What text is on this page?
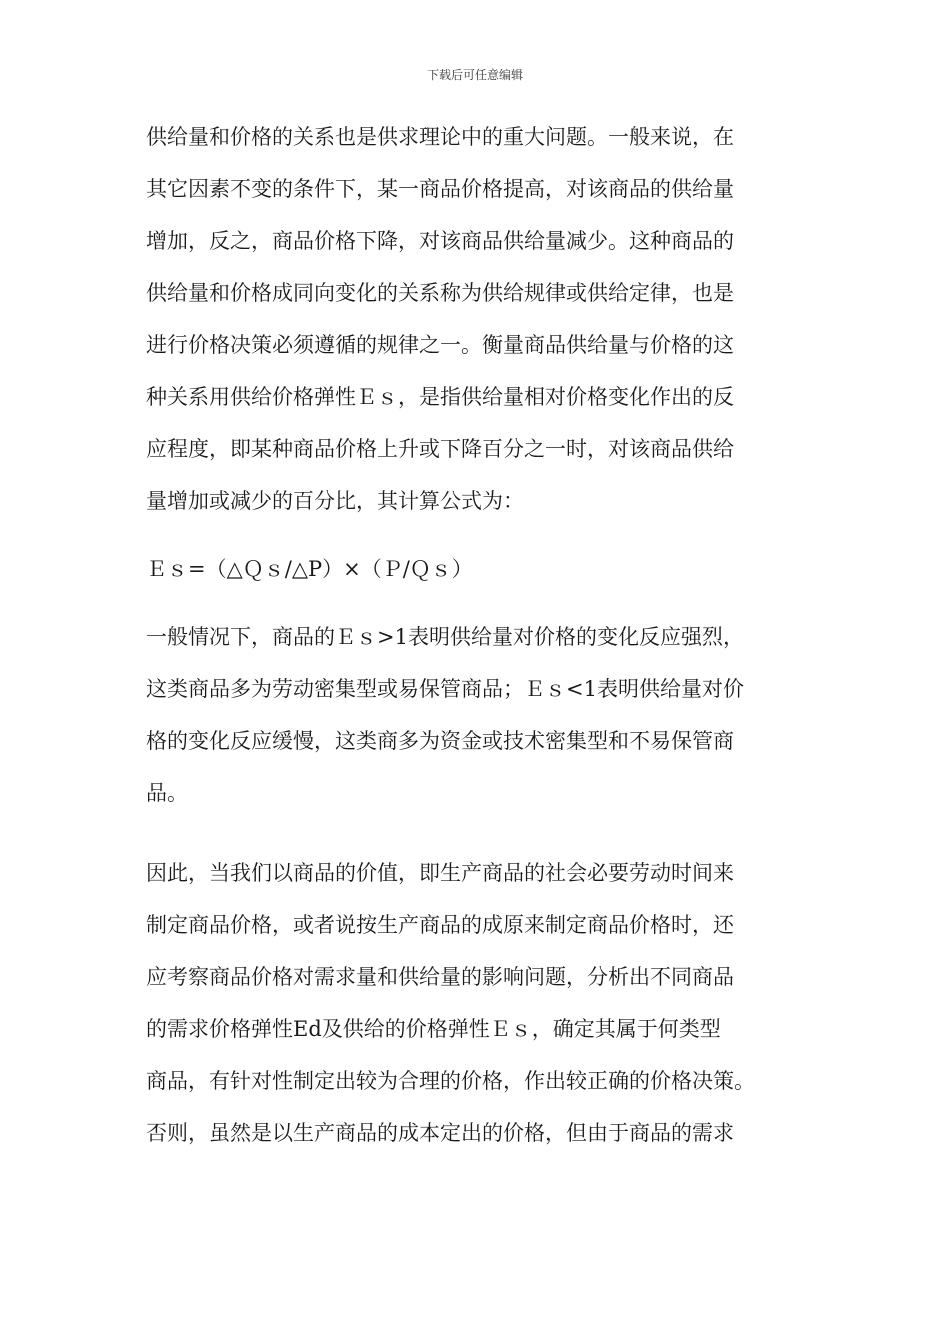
下载后可任意编辑
供给量和价格的关系也是供求理论中的重大问题。一般来说，在
其它因素不变的条件下，某一商品价格提高，对该商品的供给量
增加，反之，商品价格下降，对该商品供给量减少。这种商品的
供给量和价格成同向变化的关系称为供给规律或供给定律，也是
进行价格决策必须遵循的规律之一。衡量商品供给量与价格的这
种关系用供给价格弹性Ｅｓ，是指供给量相对价格变化作出的反
应程度，即某种商品价格上升或下降百分之一时，对该商品供给
量增加或减少的百分比，其计算公式为：
Ｅｓ=（△Ｑｓ/△P）×（Ｐ/Ｑｓ）
一般情况下，商品的Ｅｓ>1表明供给量对价格的变化反应强烈，
这类商品多为劳动密集型或易保管商品；Ｅｓ<1表明供给量对价
格的变化反应缓慢，这类商多为资金或技术密集型和不易保管商
品。
因此，当我们以商品的价值，即生产商品的社会必要劳动时间来
制定商品价格，或者说按生产商品的成原来制定商品价格时，还
应考察商品价格对需求量和供给量的影响问题，分析出不同商品
的需求价格弹性Ed及供给的价格弹性Ｅｓ，确定其属于何类型
商品，有针对性制定出较为合理的价格，作出较正确的价格决策。
否则，虽然是以生产商品的成本定出的价格，但由于商品的需求
